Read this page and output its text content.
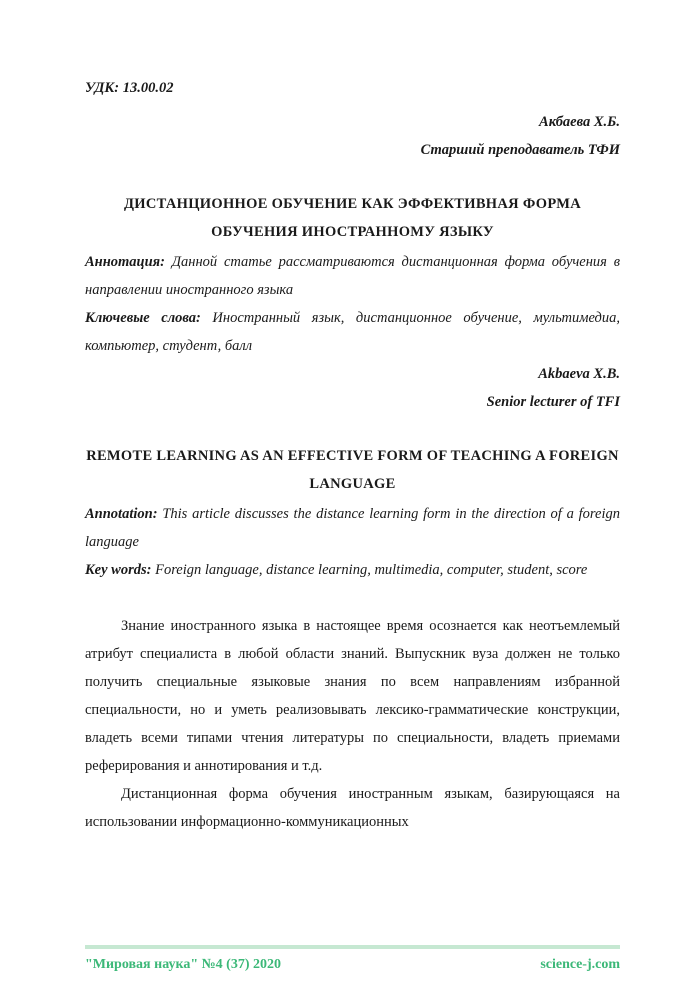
УДК: 13.00.02

Акбаева Х.Б.

Старший преподаватель ТФИ

ДИСТАНЦИОННОЕ ОБУЧЕНИЕ КАК ЭФФЕКТИВНАЯ ФОРМА ОБУЧЕНИЯ ИНОСТРАННОМУ ЯЗЫКУ

Аннотация: Данной статье рассматриваются дистанционная форма обучения в направлении иностранного языка

Ключевые слова: Иностранный язык, дистанционное обучение, мультимедиа, компьютер, студент, балл

Akbaeva X.B.

Senior lecturer of TFI

REMOTE LEARNING AS AN EFFECTIVE FORM OF TEACHING A FOREIGN LANGUAGE

Annotation: This article discusses the distance learning form in the direction of a foreign language

Key words: Foreign language, distance learning, multimedia, computer, student, score

Знание иностранного языка в настоящее время осознается как неотъемлемый атрибут специалиста в любой области знаний. Выпускник вуза должен не только получить специальные языковые знания по всем направлениям избранной специальности, но и уметь реализовывать лексико-грамматические конструкции, владеть всеми типами чтения литературы по специальности, владеть приемами реферирования и аннотирования и т.д.

Дистанционная форма обучения иностранным языкам, базирующаяся на использовании информационно-коммуникационных

"Мировая наука" №4 (37) 2020	science-j.com
